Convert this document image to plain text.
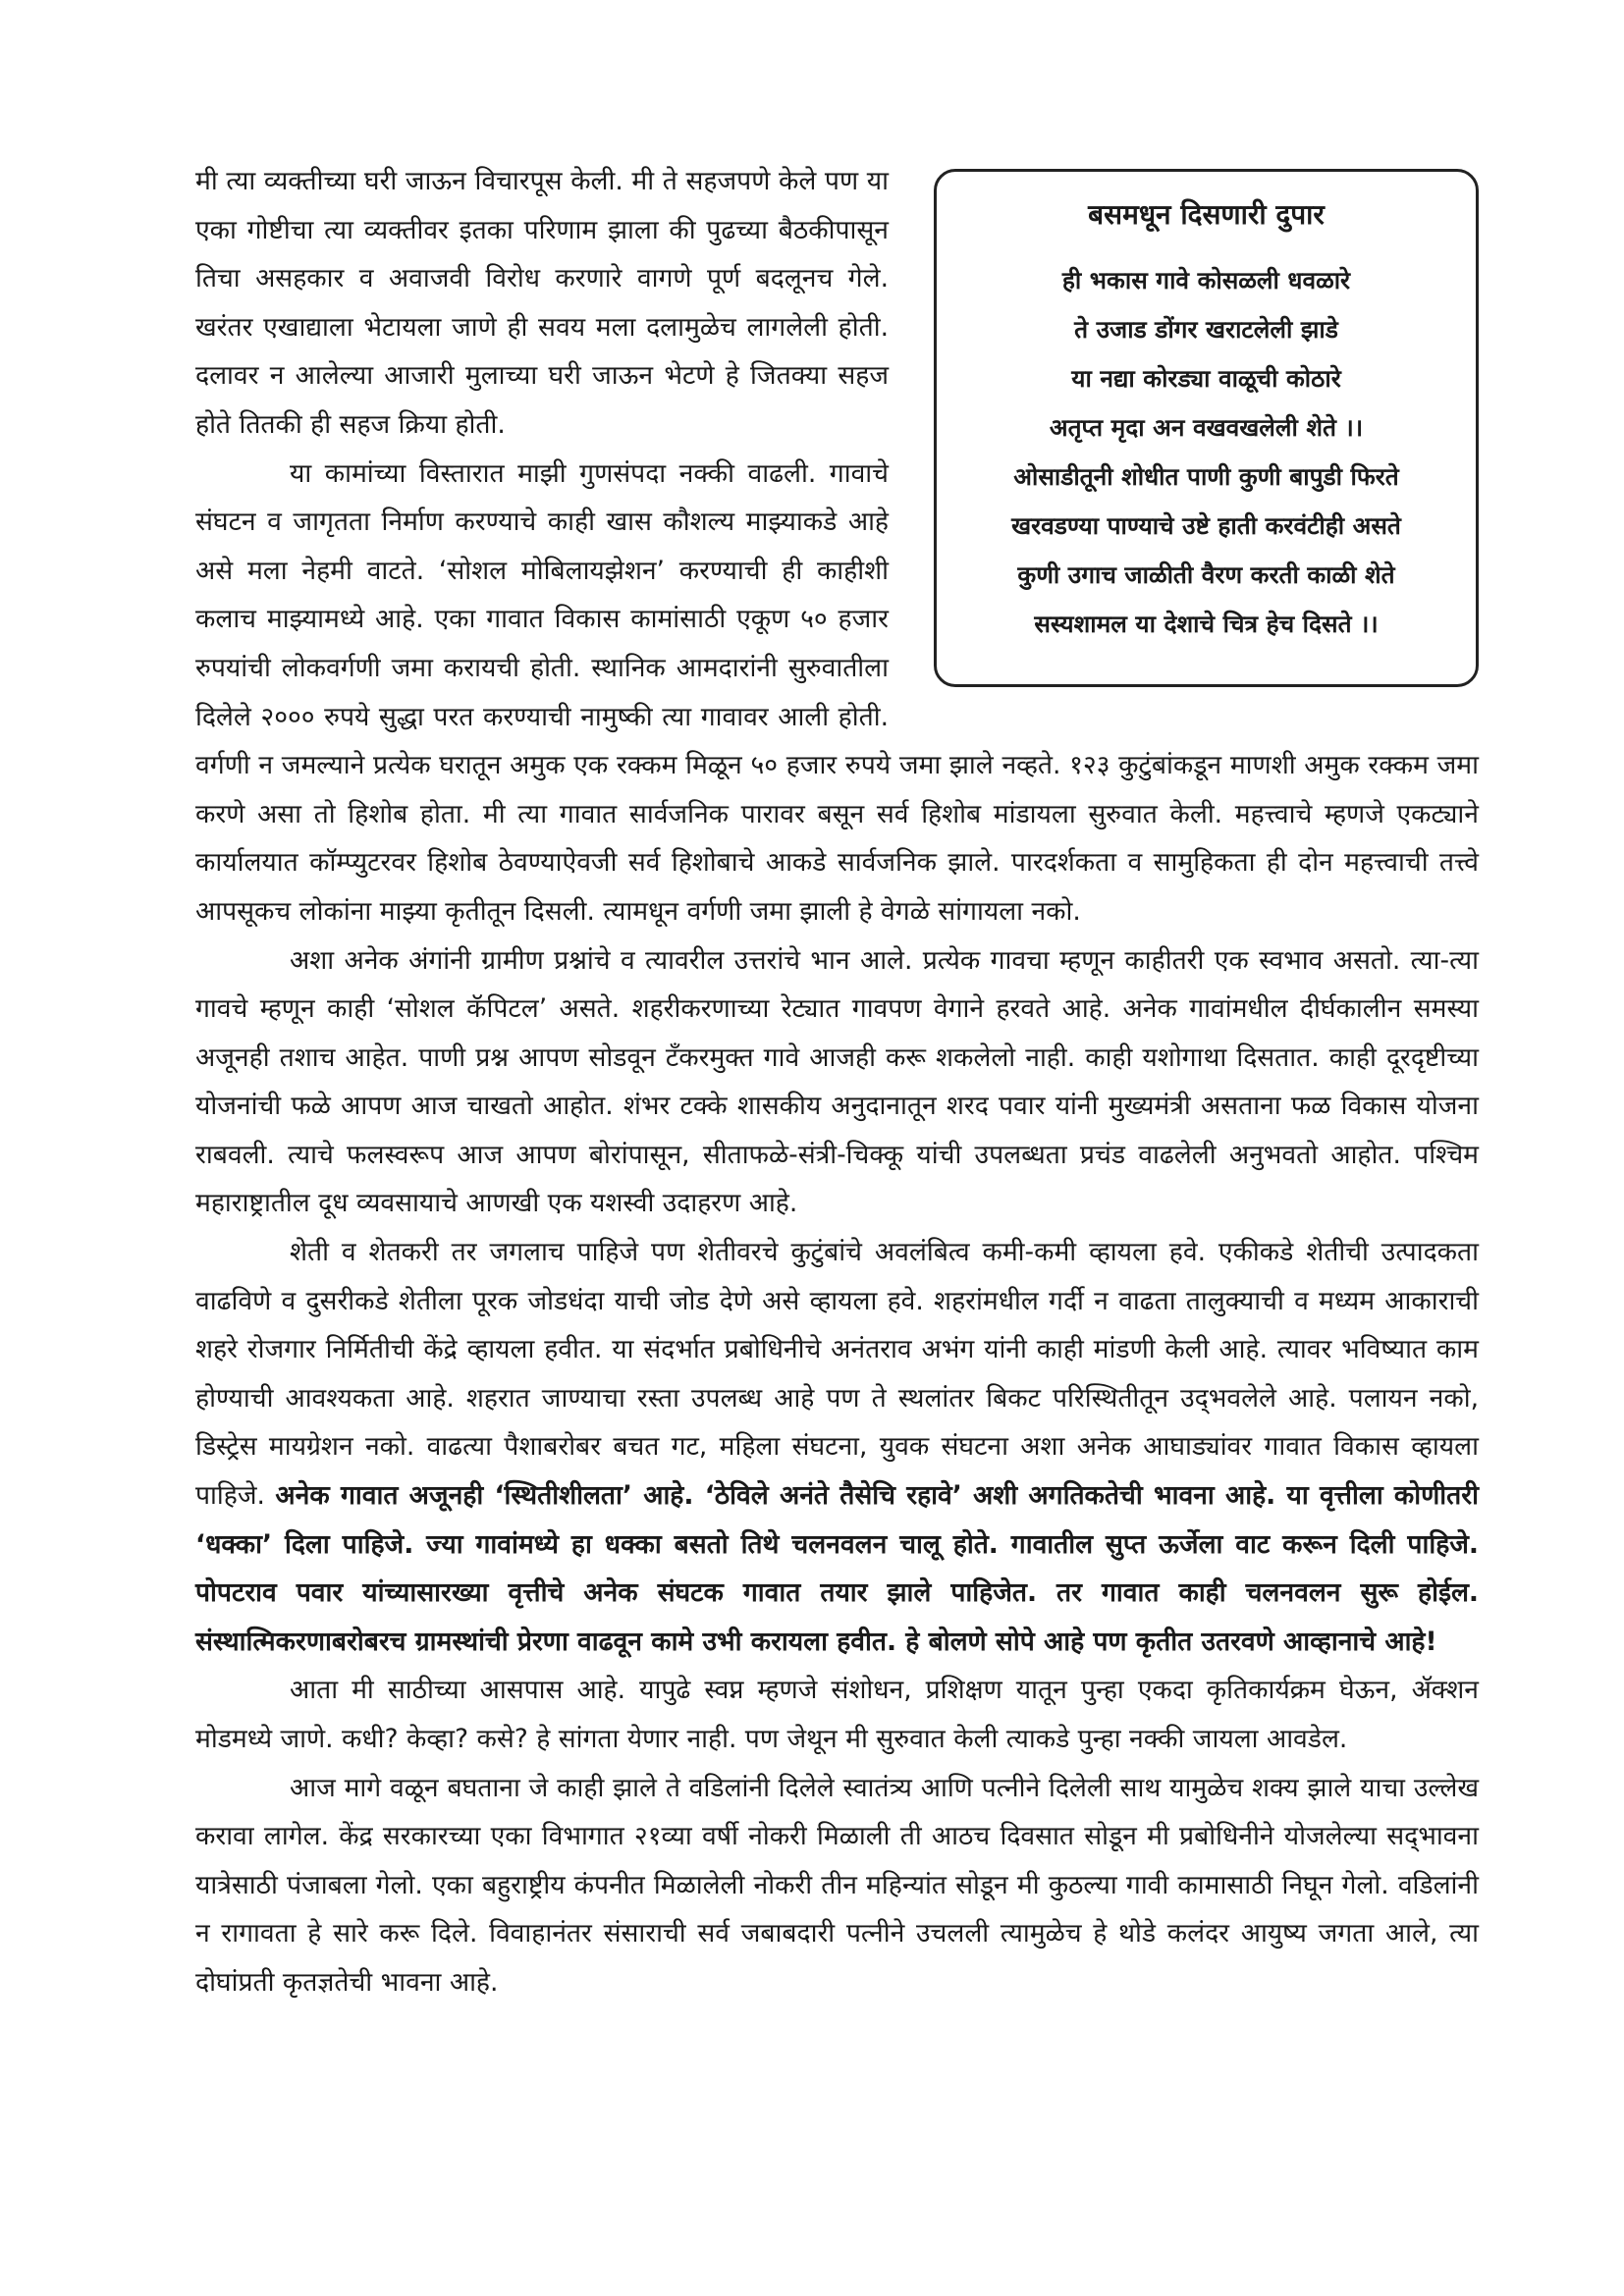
बसमधून दिसणारी दुपार
ही भकास गावे कोसळली धवळारे
ते उजाड डोंगर खराटलेली झाडे
या नद्या कोरड्या वाळूची कोठारे
अतृप्त मृदा अन वखवखलेली शेते ।।
ओसाडीतूनी शोधीत पाणी कुणी बापुडी फिरते
खरवडण्या पाण्याचे उष्टे हाती करवंटीही असते
कुणी उगाच जाळीती वैरण करती काळी शेते
सस्यशामल या देशाचे चित्र हेच दिसते ।।

मी त्या व्यक्तीच्या घरी जाऊन विचारपूस केली. मी ते सहजपणे केले पण या एका गोष्टीचा त्या व्यक्तीवर इतका परिणाम झाला की पुढच्या बैठकीपासून तिचा असहकार व अवाजवी विरोध करणारे वागणे पूर्ण बदलूनच गेले. खरंतर एखाद्याला भेटायला जाणे ही सवय मला दलामुळेच लागलेली होती. दलावर न आलेल्या आजारी मुलाच्या घरी जाऊन भेटणे हे जितक्या सहज होते तितकी ही सहज क्रिया होती.

या कामांच्या विस्तारात माझी गुणसंपदा नक्की वाढली. गावाचे संघटन व जागृतता निर्माण करण्याचे काही खास कौशल्य माझ्याकडे आहे असे मला नेहमी वाटते. ‘सोशल मोबिलायझेशन’ करण्याची ही काहीशी कलाच माझ्यामध्ये आहे. एका गावात विकास कामांसाठी एकूण ५० हजार रुपयांची लोकवर्गणी जमा करायची होती. स्थानिक आमदारांनी सुरुवातीला दिलेले २००० रुपये सुद्धा परत करण्याची नामुष्की त्या गावावर आली होती. वर्गणी न जमल्याने प्रत्येक घरातून अमुक एक रक्कम मिळून ५० हजार रुपये जमा झाले नव्हते. १२३ कुटुंबांकडून माणशी अमुक रक्कम जमा करणे असा तो हिशोब होता. मी त्या गावात सार्वजनिक पारावर बसून सर्व हिशोब मांडायला सुरुवात केली. महत्त्वाचे म्हणजे एकट्याने कार्यालयात कॉम्प्युटरवर हिशोब ठेवण्याऐवजी सर्व हिशोबाचे आकडे सार्वजनिक झाले. पारदर्शकता व सामुहिकता ही दोन महत्त्वाची तत्त्वे आपसूकच लोकांना माझ्या कृतीतून दिसली. त्यामधून वर्गणी जमा झाली हे वेगळे सांगायला नको.

अशा अनेक अंगांनी ग्रामीण प्रश्नांचे व त्यावरील उत्तरांचे भान आले. प्रत्येक गावचा म्हणून काहीतरी एक स्वभाव असतो. त्या-त्या गावचे म्हणून काही ‘सोशल कॅपिटल’ असते. शहरीकरणाच्या रेट्यात गावपण वेगाने हरवते आहे. अनेक गावांमधील दीर्घकालीन समस्या अजूनही तशाच आहेत. पाणी प्रश्न आपण सोडवून टँकरमुक्त गावे आजही करू शकलेलो नाही. काही यशोगाथा दिसतात. काही दूरदृष्टीच्या योजनांची फळे आपण आज चाखतो आहोत. शंभर टक्के शासकीय अनुदानातून शरद पवार यांनी मुख्यमंत्री असताना फळ विकास योजना राबवली. त्याचे फलस्वरूप आज आपण बोरांपासून, सीताफळे-संत्री-चिक्कू यांची उपलब्धता प्रचंड वाढलेली अनुभवतो आहोत. पश्चिम महाराष्ट्रातील दूध व्यवसायाचे आणखी एक यशस्वी उदाहरण आहे.

शेती व शेतकरी तर जगलाच पाहिजे पण शेतीवरचे कुटुंबांचे अवलंबित्व कमी-कमी व्हायला हवे. एकीकडे शेतीची उत्पादकता वाढविणे व दुसरीकडे शेतीला पूरक जोडधंदा याची जोड देणे असे व्हायला हवे. शहरांमधील गर्दी न वाढता तालुक्याची व मध्यम आकाराची शहरे रोजगार निर्मितीची केंद्रे व्हायला हवीत. या संदर्भात प्रबोधिनीचे अनंतराव अभंग यांनी काही मांडणी केली आहे. त्यावर भविष्यात काम होण्याची आवश्यकता आहे. शहरात जाण्याचा रस्ता उपलब्ध आहे पण ते स्थलांतर बिकट परिस्थितीतून उद्‌भवलेले आहे. पलायन नको, डिस्ट्रेस मायग्रेशन नको. वाढत्या पैशाबरोबर बचत गट, महिला संघटना, युवक संघटना अशा अनेक आघाड्यांवर गावात विकास व्हायला पाहिजे. अनेक गावात अजूनही ‘स्थितीशीलता’ आहे. ‘ठेविले अनंते तैसेचि रहावे’ अशी अगतिकतेची भावना आहे. या वृत्तीला कोणीतरी ‘धक्का’ दिला पाहिजे. ज्या गावांमध्ये हा धक्का बसतो तिथे चलनवलन चालू होते. गावातील सुप्त ऊर्जेला वाट करून दिली पाहिजे. पोपटराव पवार यांच्यासारख्या वृत्तीचे अनेक संघटक गावात तयार झाले पाहिजेत. तर गावात काही चलनवलन सुरू होईल. संस्थात्मिकरणाबरोबरच ग्रामस्थांची प्रेरणा वाढवून कामे उभी करायला हवीत. हे बोलणे सोपे आहे पण कृतीत उतरवणे आव्हानाचे आहे!

आता मी साठीच्या आसपास आहे. यापुढे स्वप्न म्हणजे संशोधन, प्रशिक्षण यातून पुन्हा एकदा कृतिकार्यक्रम घेऊन, ॲक्शन मोडमध्ये जाणे. कधी? केव्हा? कसे? हे सांगता येणार नाही. पण जेथून मी सुरुवात केली त्याकडे पुन्हा नक्की जायला आवडेल.

आज मागे वळून बघताना जे काही झाले ते वडिलांनी दिलेले स्वातंत्र्य आणि पत्नीने दिलेली साथ यामुळेच शक्य झाले याचा उल्लेख करावा लागेल. केंद्र सरकारच्या एका विभागात २१व्या वर्षी नोकरी मिळाली ती आठच दिवसात सोडून मी प्रबोधिनीने योजलेल्या सद्‌भावना यात्रेसाठी पंजाबला गेलो. एका बहुराष्ट्रीय कंपनीत मिळालेली नोकरी तीन महिन्यांत सोडून मी कुठल्या गावी कामासाठी निघून गेलो. वडिलांनी न रागावता हे सारे करू दिले. विवाहानंतर संसाराची सर्व जबाबदारी पत्नीने उचलली त्यामुळेच हे थोडे कलंदर आयुष्य जगता आले, त्या दोघांप्रती कृतज्ञतेची भावना आहे.
